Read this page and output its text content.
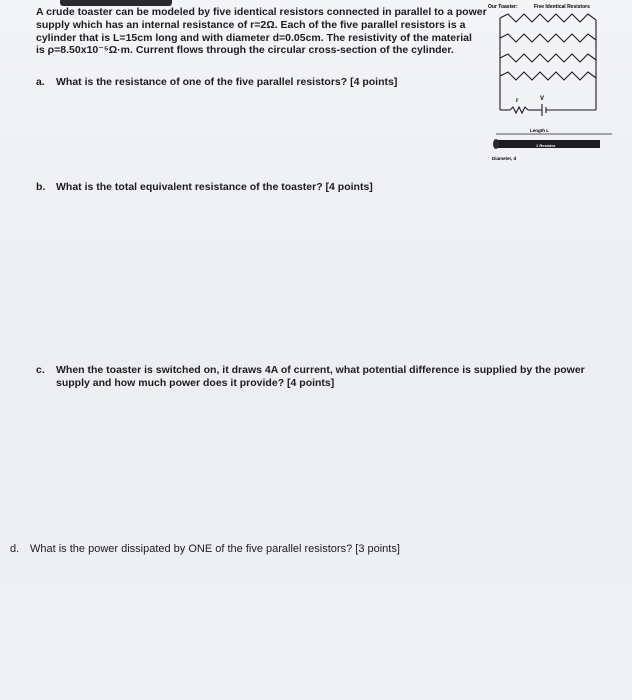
A crude toaster can be modeled by five identical resistors connected in parallel to a power
supply which has an internal resistance of r=2Ω. Each of the five parallel resistors is a
cylinder that is L=15cm long and with diameter d=0.05cm. The resistivity of the material
is ρ=8.50x10⁻⁵Ω·m. Current flows through the circular cross-section of the cylinder.
a. What is the resistance of one of the five parallel resistors? [4 points]
b. What is the total equivalent resistance of the toaster? [4 points]
c. When the toaster is switched on, it draws 4A of current, what potential difference is supplied by the power
supply and how much power does it provide? [4 points]
d. What is the power dissipated by ONE of the five parallel resistors? [3 points]
Our Toaster:	Five Identical Resistors
r	V
Length L
1 Resistor
Diameter, d
